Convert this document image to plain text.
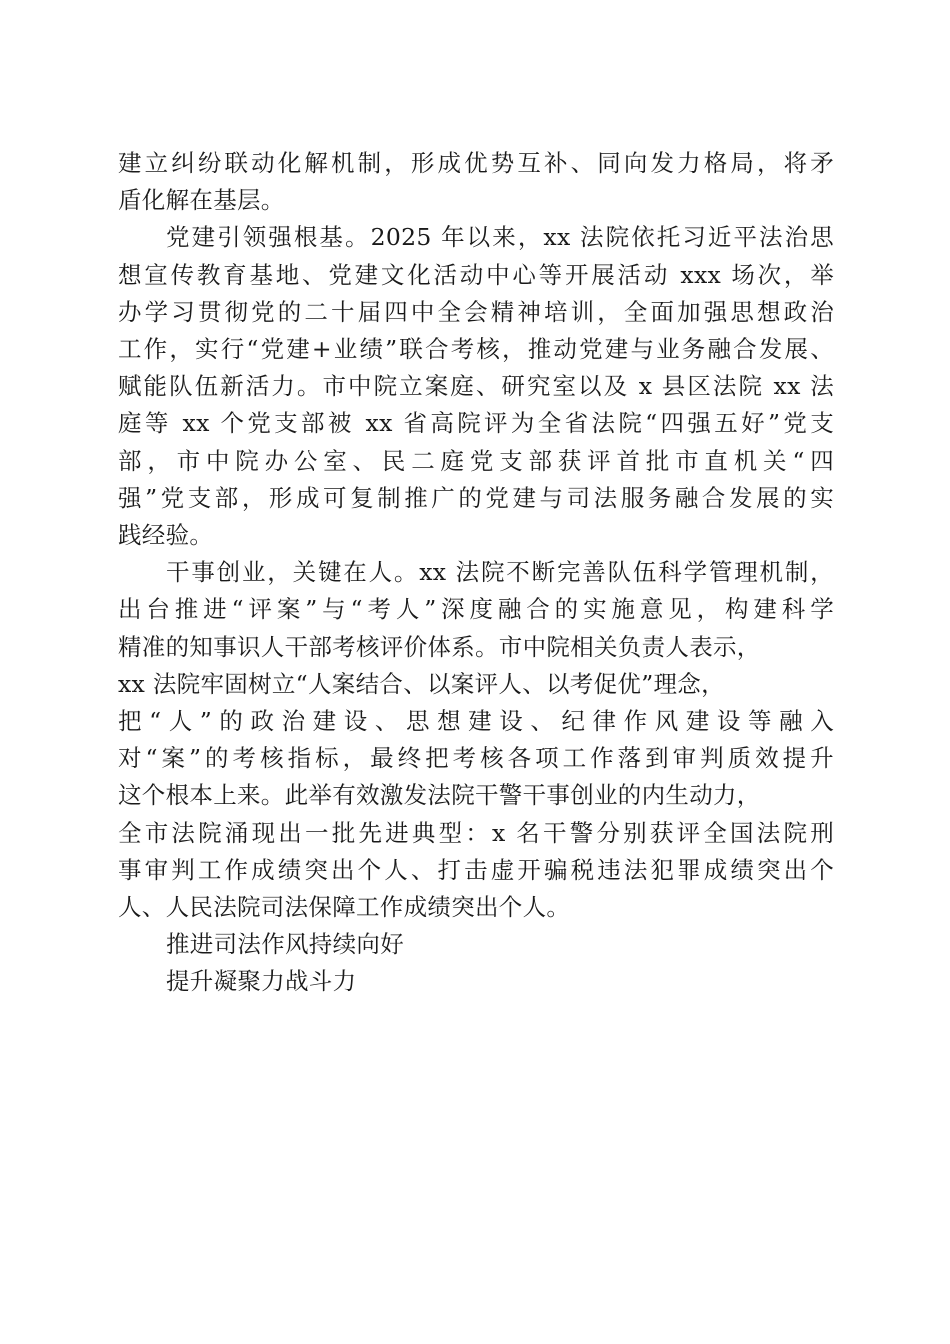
建立纠纷联动化解机制，形成优势互补、同向发力格局，将矛
盾化解在基层。
党建引领强根基。2025 年以来，xx 法院依托习近平法治思
想宣传教育基地、党建文化活动中心等开展活动 xxx 场次，举
办学习贯彻党的二十届四中全会精神培训，全面加强思想政治
工作，实行“党建+业绩”联合考核，推动党建与业务融合发展、
赋能队伍新活力。市中院立案庭、研究室以及 x 县区法院 xx 法
庭等 xx 个党支部被 xx 省高院评为全省法院“四强五好”党支
部，市中院办公室、民二庭党支部获评首批市直机关“四
强”党支部，形成可复制推广的党建与司法服务融合发展的实
践经验。
干事创业，关键在人。xx 法院不断完善队伍科学管理机制，
出台推进“评案”与“考人”深度融合的实施意见，构建科学
精准的知事识人干部考核评价体系。市中院相关负责人表示，
xx 法院牢固树立“人案结合、以案评人、以考促优”理念，
把“人”的政治建设、思想建设、纪律作风建设等融入
对“案”的考核指标，最终把考核各项工作落到审判质效提升
这个根本上来。此举有效激发法院干警干事创业的内生动力，
全市法院涌现出一批先进典型：x 名干警分别获评全国法院刑
事审判工作成绩突出个人、打击虚开骗税违法犯罪成绩突出个
人、人民法院司法保障工作成绩突出个人。

推进司法作风持续向好

提升凝聚力战斗力
